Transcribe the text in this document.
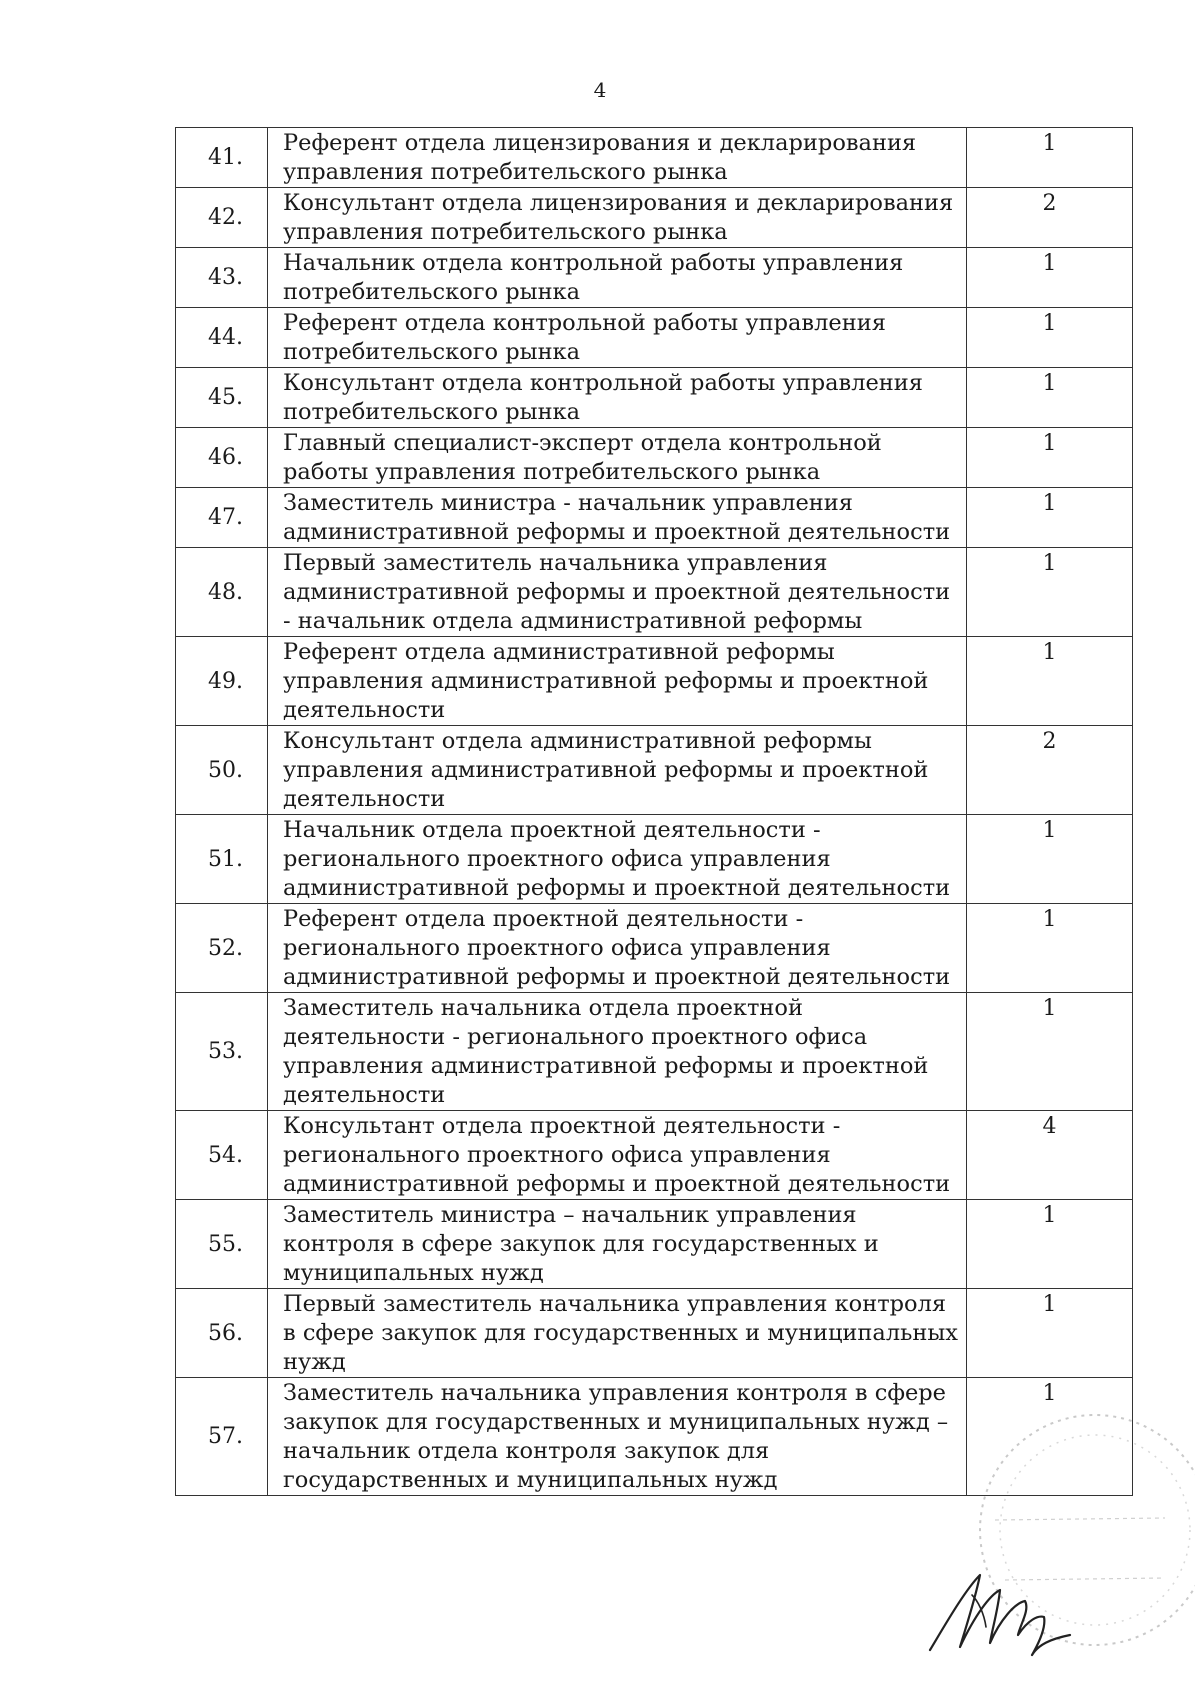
4
41.	Референт отдела лицензирования и декларирования управления потребительского рынка	1
42.	Консультант отдела лицензирования и декларирования управления потребительского рынка	2
43.	Начальник отдела контрольной работы управления потребительского рынка	1
44.	Референт отдела контрольной работы управления потребительского рынка	1
45.	Консультант отдела контрольной работы управления потребительского рынка	1
46.	Главный специалист-эксперт отдела контрольной работы управления потребительского рынка	1
47.	Заместитель министра - начальник управления административной реформы и проектной деятельности	1
48.	Первый заместитель начальника управления административной реформы и проектной деятельности - начальник отдела административной реформы	1
49.	Референт отдела административной реформы управления административной реформы и проектной деятельности	1
50.	Консультант отдела административной реформы управления административной реформы и проектной деятельности	2
51.	Начальник отдела проектной деятельности - регионального проектного офиса управления административной реформы и проектной деятельности	1
52.	Референт отдела проектной деятельности - регионального проектного офиса управления административной реформы и проектной деятельности	1
53.	Заместитель начальника отдела проектной деятельности - регионального проектного офиса управления административной реформы и проектной деятельности	1
54.	Консультант отдела проектной деятельности - регионального проектного офиса управления административной реформы и проектной деятельности	4
55.	Заместитель министра – начальник управления контроля в сфере закупок для государственных и муниципальных нужд	1
56.	Первый заместитель начальника управления контроля в сфере закупок для государственных и муниципальных нужд	1
57.	Заместитель начальника управления контроля в сфере закупок для государственных и муниципальных нужд – начальник отдела контроля закупок для государственных и муниципальных нужд	1
